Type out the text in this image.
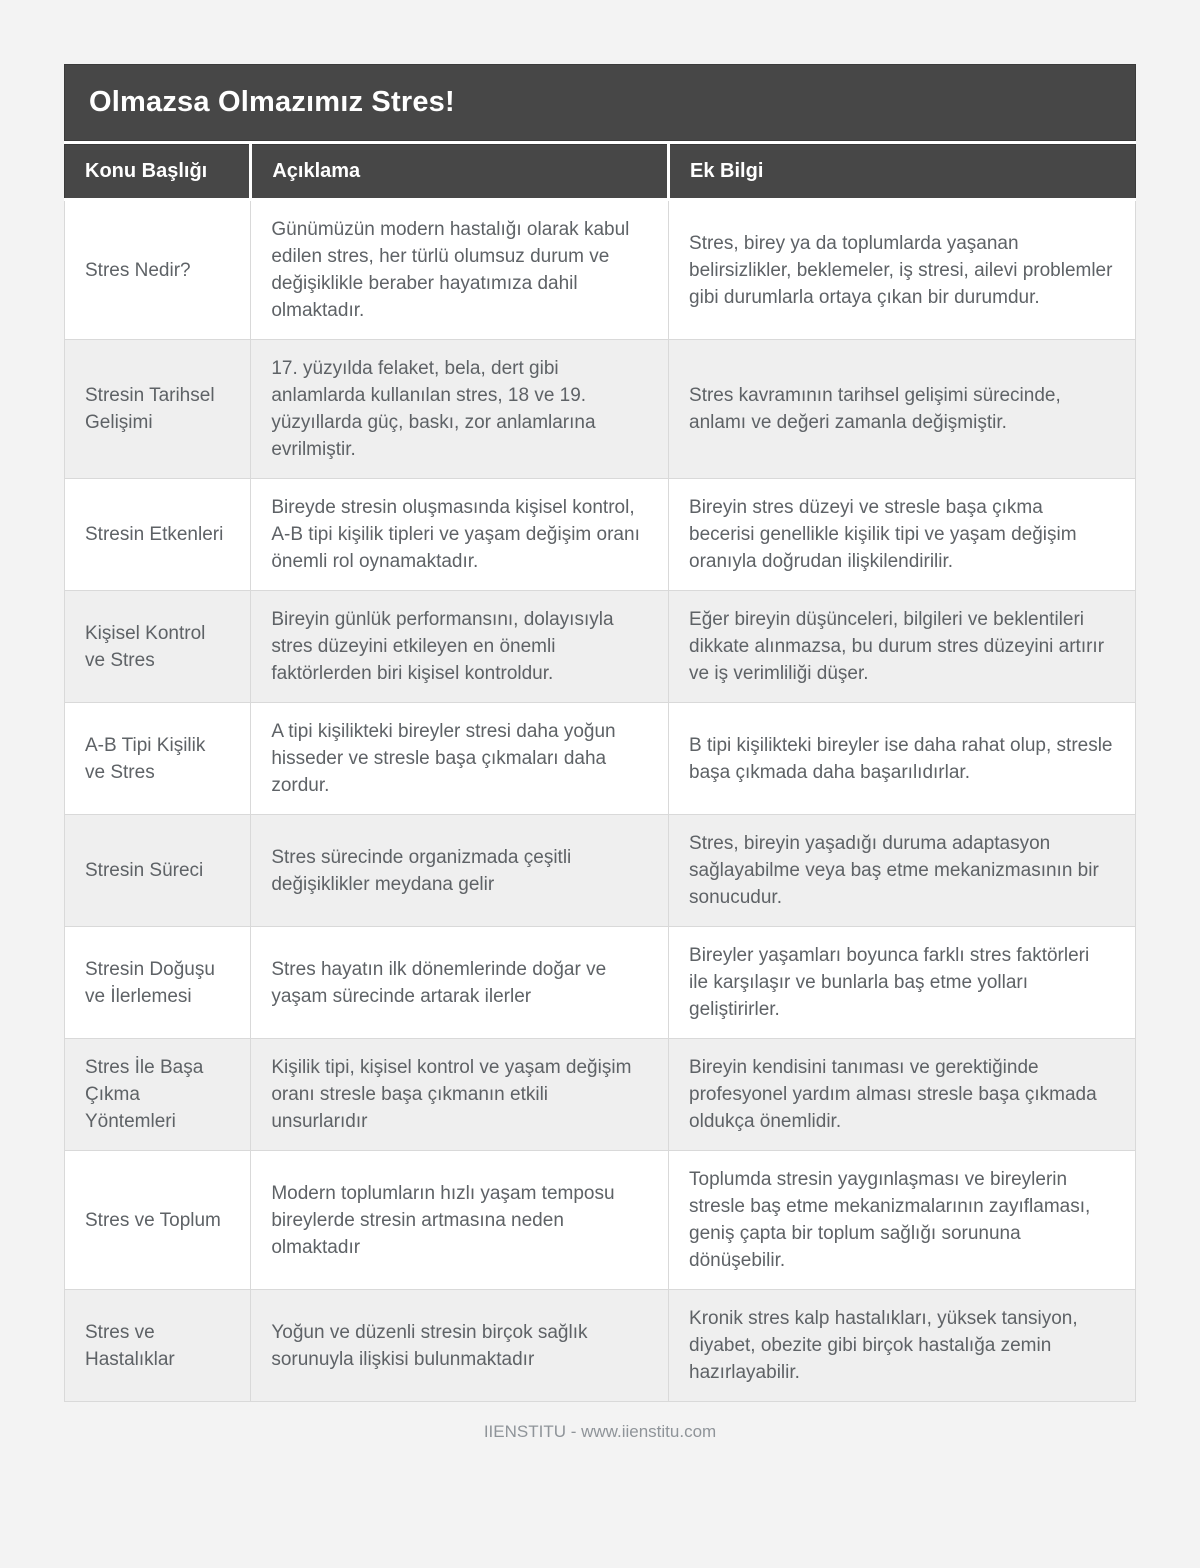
Olmazsa Olmazımız Stres!
Konu Başlığı	Açıklama	Ek Bilgi
Stres Nedir?	Günümüzün modern hastalığı olarak kabul edilen stres, her türlü olumsuz durum ve değişiklikle beraber hayatımıza dahil olmaktadır.	Stres, birey ya da toplumlarda yaşanan belirsizlikler, beklemeler, iş stresi, ailevi problemler gibi durumlarla ortaya çıkan bir durumdur.
Stresin Tarihsel Gelişimi	17. yüzyılda felaket, bela, dert gibi anlamlarda kullanılan stres, 18 ve 19. yüzyıllarda güç, baskı, zor anlamlarına evrilmiştir.	Stres kavramının tarihsel gelişimi sürecinde, anlamı ve değeri zamanla değişmiştir.
Stresin Etkenleri	Bireyde stresin oluşmasında kişisel kontrol, A-B tipi kişilik tipleri ve yaşam değişim oranı önemli rol oynamaktadır.	Bireyin stres düzeyi ve stresle başa çıkma becerisi genellikle kişilik tipi ve yaşam değişim oranıyla doğrudan ilişkilendirilir.
Kişisel Kontrol ve Stres	Bireyin günlük performansını, dolayısıyla stres düzeyini etkileyen en önemli faktörlerden biri kişisel kontroldur.	Eğer bireyin düşünceleri, bilgileri ve beklentileri dikkate alınmazsa, bu durum stres düzeyini artırır ve iş verimliliği düşer.
A-B Tipi Kişilik ve Stres	A tipi kişilikteki bireyler stresi daha yoğun hisseder ve stresle başa çıkmaları daha zordur.	B tipi kişilikteki bireyler ise daha rahat olup, stresle başa çıkmada daha başarılıdırlar.
Stresin Süreci	Stres sürecinde organizmada çeşitli değişiklikler meydana gelir	Stres, bireyin yaşadığı duruma adaptasyon sağlayabilme veya baş etme mekanizmasının bir sonucudur.
Stresin Doğuşu ve İlerlemesi	Stres hayatın ilk dönemlerinde doğar ve yaşam sürecinde artarak ilerler	Bireyler yaşamları boyunca farklı stres faktörleri ile karşılaşır ve bunlarla baş etme yolları geliştirirler.
Stres İle Başa Çıkma Yöntemleri	Kişilik tipi, kişisel kontrol ve yaşam değişim oranı stresle başa çıkmanın etkili unsurlarıdır	Bireyin kendisini tanıması ve gerektiğinde profesyonel yardım alması stresle başa çıkmada oldukça önemlidir.
Stres ve Toplum	Modern toplumların hızlı yaşam temposu bireylerde stresin artmasına neden olmaktadır	Toplumda stresin yaygınlaşması ve bireylerin stresle baş etme mekanizmalarının zayıflaması, geniş çapta bir toplum sağlığı sorununa dönüşebilir.
Stres ve Hastalıklar	Yoğun ve düzenli stresin birçok sağlık sorunuyla ilişkisi bulunmaktadır	Kronik stres kalp hastalıkları, yüksek tansiyon, diyabet, obezite gibi birçok hastalığa zemin hazırlayabilir.
IIENSTITU - www.iienstitu.com
